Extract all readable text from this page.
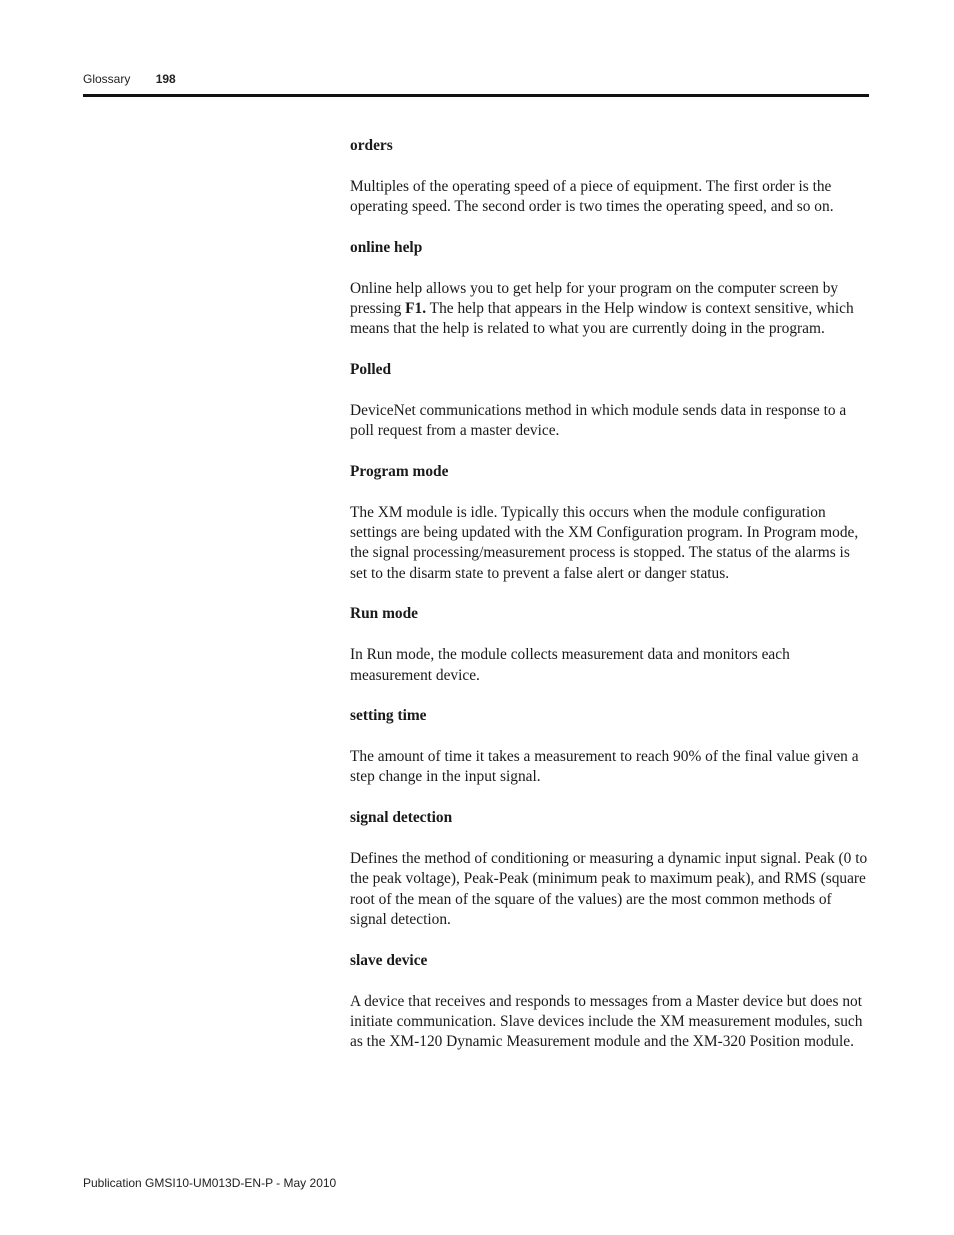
Glossary 198

orders

Multiples of the operating speed of a piece of equipment. The first order is the operating speed. The second order is two times the operating speed, and so on.

online help

Online help allows you to get help for your program on the computer screen by pressing F1. The help that appears in the Help window is context sensitive, which means that the help is related to what you are currently doing in the program.

Polled

DeviceNet communications method in which module sends data in response to a poll request from a master device.

Program mode

The XM module is idle. Typically this occurs when the module configuration settings are being updated with the XM Configuration program. In Program mode, the signal processing/measurement process is stopped. The status of the alarms is set to the disarm state to prevent a false alert or danger status.

Run mode

In Run mode, the module collects measurement data and monitors each measurement device.

setting time

The amount of time it takes a measurement to reach 90% of the final value given a step change in the input signal.

signal detection

Defines the method of conditioning or measuring a dynamic input signal. Peak (0 to the peak voltage), Peak-Peak (minimum peak to maximum peak), and RMS (square root of the mean of the square of the values) are the most common methods of signal detection.

slave device

A device that receives and responds to messages from a Master device but does not initiate communication. Slave devices include the XM measurement modules, such as the XM-120 Dynamic Measurement module and the XM-320 Position module.

Publication GMSI10-UM013D-EN-P - May 2010
